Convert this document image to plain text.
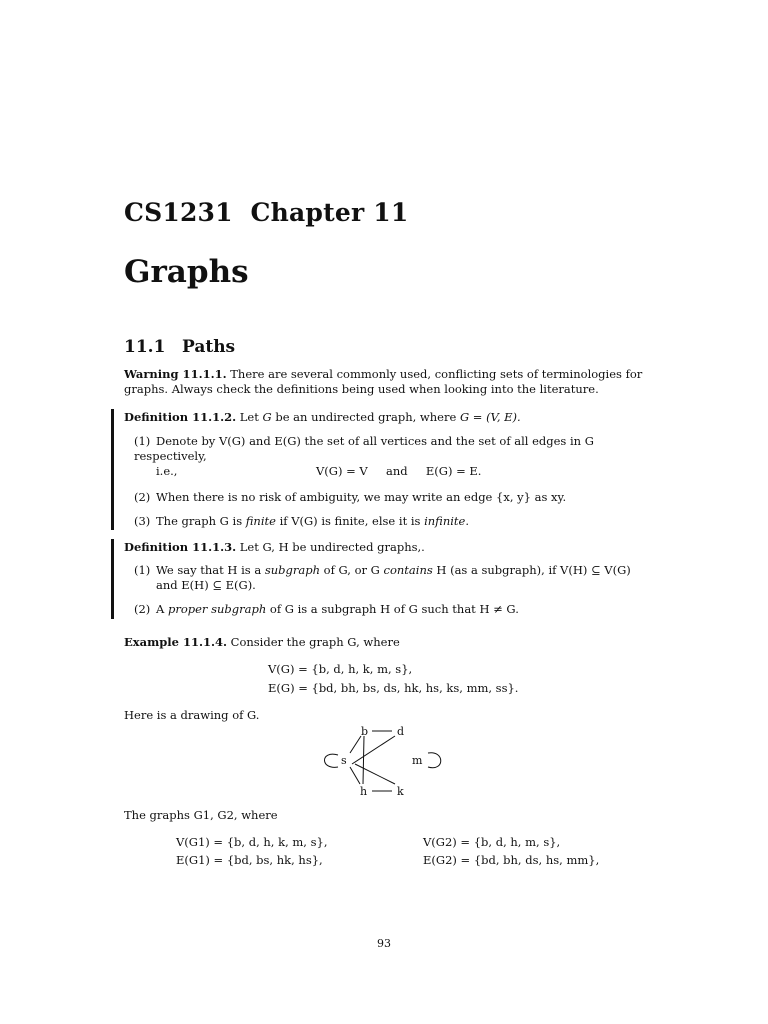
CS1231  Chapter 11
Graphs
11.1 Paths
Warning 11.1.1. There are several commonly used, conflicting sets of terminologies for graphs. Always check the definitions being used when looking into the literature.
Definition 11.1.2. Let G be an undirected graph, where G = (V, E).
(1) Denote by V(G) and E(G) the set of all vertices and the set of all edges in G respectively,
i.e.,	V(G) = V and E(G) = E.
(2) When there is no risk of ambiguity, we may write an edge {x, y} as xy.
(3) The graph G is finite if V(G) is finite, else it is infinite.
Definition 11.1.3. Let G, H be undirected graphs,.
(1) We say that H is a subgraph of G, or G contains H (as a subgraph), if V(H) ⊆ V(G)
and E(H) ⊆ E(G).
(2) A proper subgraph of G is a subgraph H of G such that H ≠ G.
Example 11.1.4. Consider the graph G, where
V(G) = {b, d, h, k, m, s},
E(G) = {bd, bh, bs, ds, hk, hs, ks, mm, ss}.
Here is a drawing of G.
b	d
s	m
h	k
The graphs G1, G2, where
V(G1) = {b, d, h, k, m, s},
E(G1) = {bd, bs, hk, hs},
V(G2) = {b, d, h, m, s},
E(G2) = {bd, bh, ds, hs, mm},
93
